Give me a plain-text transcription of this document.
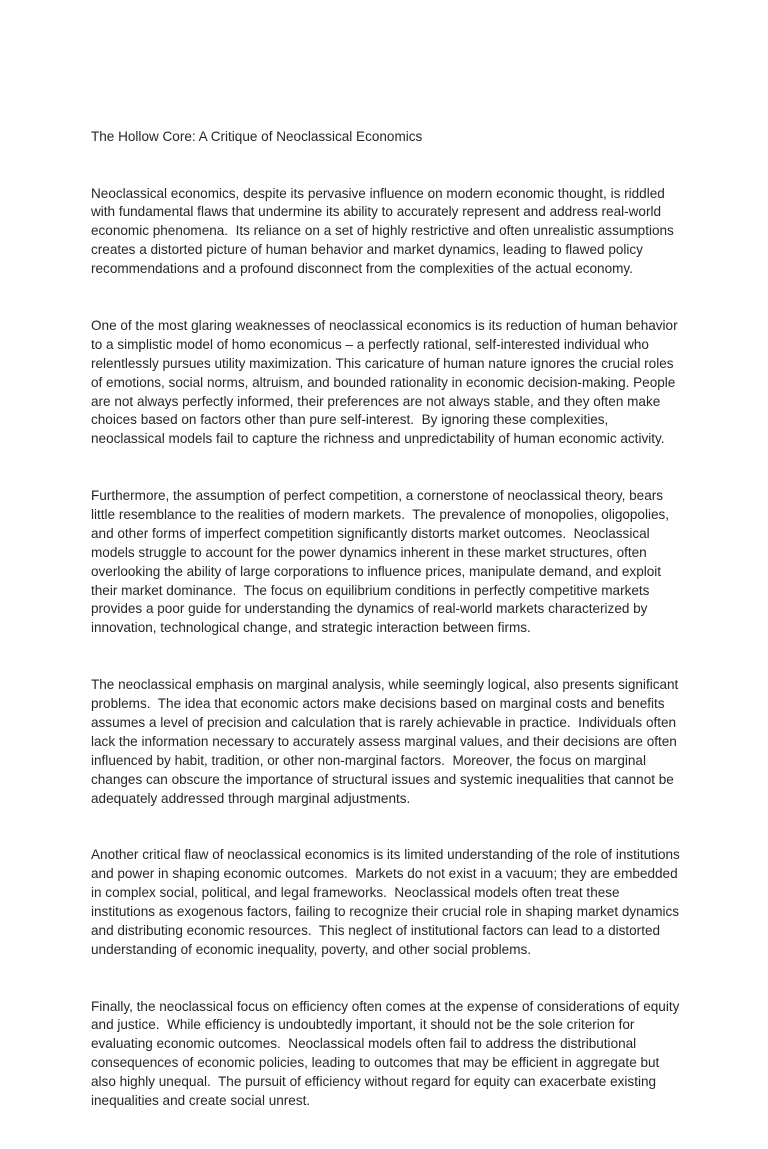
The Hollow Core: A Critique of Neoclassical Economics

Neoclassical economics, despite its pervasive influence on modern economic thought, is riddled with fundamental flaws that undermine its ability to accurately represent and address real-world economic phenomena.  Its reliance on a set of highly restrictive and often unrealistic assumptions creates a distorted picture of human behavior and market dynamics, leading to flawed policy recommendations and a profound disconnect from the complexities of the actual economy.

One of the most glaring weaknesses of neoclassical economics is its reduction of human behavior to a simplistic model of homo economicus – a perfectly rational, self-interested individual who relentlessly pursues utility maximization. This caricature of human nature ignores the crucial roles of emotions, social norms, altruism, and bounded rationality in economic decision-making. People are not always perfectly informed, their preferences are not always stable, and they often make choices based on factors other than pure self-interest.  By ignoring these complexities, neoclassical models fail to capture the richness and unpredictability of human economic activity.

Furthermore, the assumption of perfect competition, a cornerstone of neoclassical theory, bears little resemblance to the realities of modern markets.  The prevalence of monopolies, oligopolies, and other forms of imperfect competition significantly distorts market outcomes.  Neoclassical models struggle to account for the power dynamics inherent in these market structures, often overlooking the ability of large corporations to influence prices, manipulate demand, and exploit their market dominance.  The focus on equilibrium conditions in perfectly competitive markets provides a poor guide for understanding the dynamics of real-world markets characterized by innovation, technological change, and strategic interaction between firms.

The neoclassical emphasis on marginal analysis, while seemingly logical, also presents significant problems.  The idea that economic actors make decisions based on marginal costs and benefits assumes a level of precision and calculation that is rarely achievable in practice.  Individuals often lack the information necessary to accurately assess marginal values, and their decisions are often influenced by habit, tradition, or other non-marginal factors.  Moreover, the focus on marginal changes can obscure the importance of structural issues and systemic inequalities that cannot be adequately addressed through marginal adjustments.

Another critical flaw of neoclassical economics is its limited understanding of the role of institutions and power in shaping economic outcomes.  Markets do not exist in a vacuum; they are embedded in complex social, political, and legal frameworks.  Neoclassical models often treat these institutions as exogenous factors, failing to recognize their crucial role in shaping market dynamics and distributing economic resources.  This neglect of institutional factors can lead to a distorted understanding of economic inequality, poverty, and other social problems.

Finally, the neoclassical focus on efficiency often comes at the expense of considerations of equity and justice.  While efficiency is undoubtedly important, it should not be the sole criterion for evaluating economic outcomes.  Neoclassical models often fail to address the distributional consequences of economic policies, leading to outcomes that may be efficient in aggregate but also highly unequal.  The pursuit of efficiency without regard for equity can exacerbate existing inequalities and create social unrest.
